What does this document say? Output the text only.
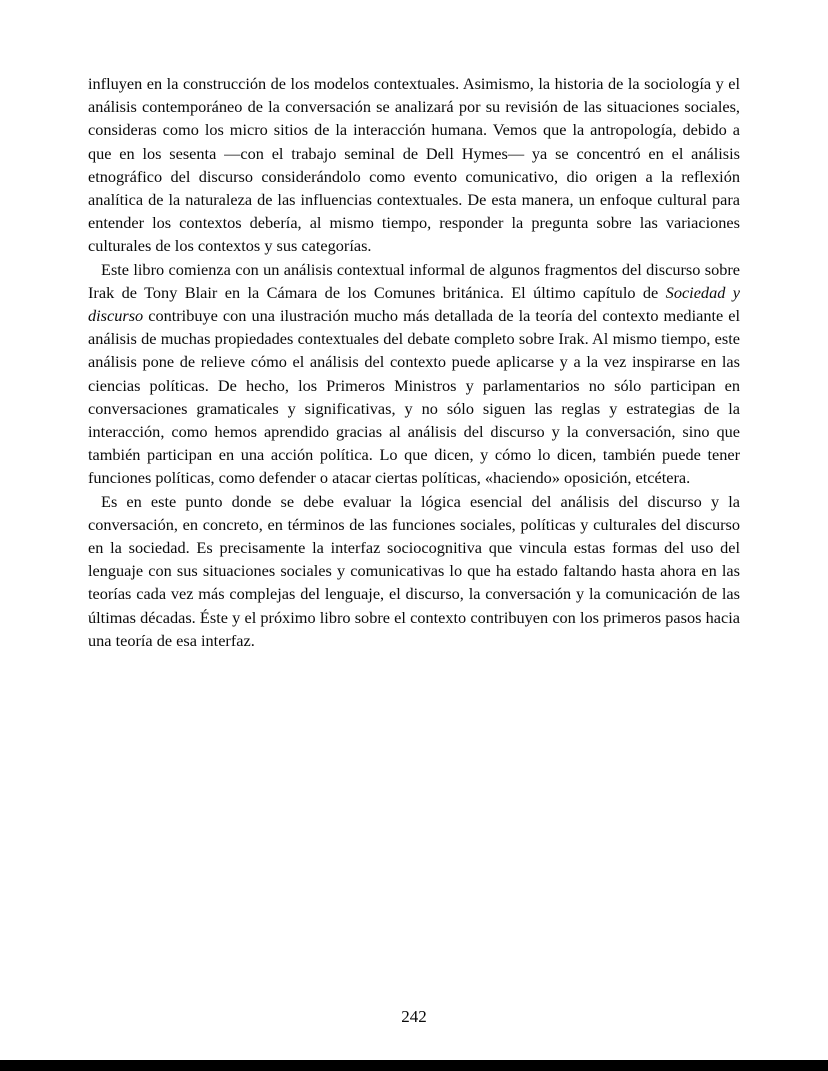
influyen en la construcción de los modelos contextuales. Asimismo, la historia de la sociología y el análisis contemporáneo de la conversación se analizará por su revisión de las situaciones sociales, consideras como los micro sitios de la interacción humana. Vemos que la antropología, debido a que en los sesenta —con el trabajo seminal de Dell Hymes— ya se concentró en el análisis etnográfico del discurso considerándolo como evento comunicativo, dio origen a la reflexión analítica de la naturaleza de las influencias contextuales. De esta manera, un enfoque cultural para entender los contextos debería, al mismo tiempo, responder la pregunta sobre las variaciones culturales de los contextos y sus categorías.

Este libro comienza con un análisis contextual informal de algunos fragmentos del discurso sobre Irak de Tony Blair en la Cámara de los Comunes británica. El último capítulo de Sociedad y discurso contribuye con una ilustración mucho más detallada de la teoría del contexto mediante el análisis de muchas propiedades contextuales del debate completo sobre Irak. Al mismo tiempo, este análisis pone de relieve cómo el análisis del contexto puede aplicarse y a la vez inspirarse en las ciencias políticas. De hecho, los Primeros Ministros y parlamentarios no sólo participan en conversaciones gramaticales y significativas, y no sólo siguen las reglas y estrategias de la interacción, como hemos aprendido gracias al análisis del discurso y la conversación, sino que también participan en una acción política. Lo que dicen, y cómo lo dicen, también puede tener funciones políticas, como defender o atacar ciertas políticas, «haciendo» oposición, etcétera.

Es en este punto donde se debe evaluar la lógica esencial del análisis del discurso y la conversación, en concreto, en términos de las funciones sociales, políticas y culturales del discurso en la sociedad. Es precisamente la interfaz sociocognitiva que vincula estas formas del uso del lenguaje con sus situaciones sociales y comunicativas lo que ha estado faltando hasta ahora en las teorías cada vez más complejas del lenguaje, el discurso, la conversación y la comunicación de las últimas décadas. Éste y el próximo libro sobre el contexto contribuyen con los primeros pasos hacia una teoría de esa interfaz.

242
